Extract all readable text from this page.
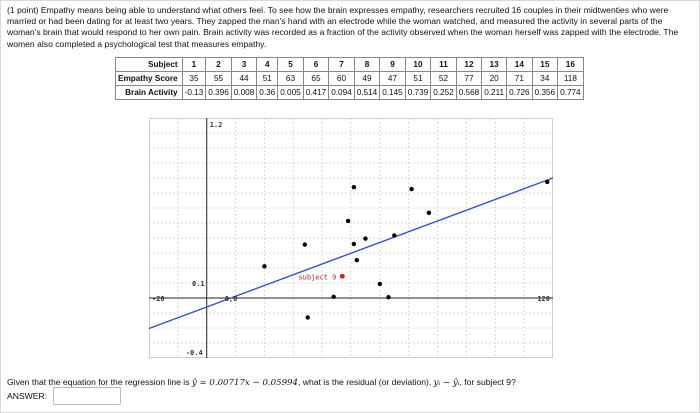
(1 point) Empathy means being able to understand what others feel. To see how the brain expresses empathy, researchers recruited 16 couples in their midtwenties who were married or had been dating for at least two years. They zapped the man's hand with an electrode while the woman watched, and measured the activity in several parts of the woman's brain that would respond to her own pain. Brain activity was recorded as a fraction of the activity observed when the woman herself was zapped with the electrode. The women also completed a psychological test that measures empathy.
Subject	1	2	3	4	5	6	7	8	9	10	11	12	13	14	15	16
Empathy Score	35	55	44	51	63	65	60	49	47	51	52	77	20	71	34	118
Brain Activity	-0.13	0.396	0.008	0.36	0.005	0.417	0.094	0.514	0.145	0.739	0.252	0.568	0.211	0.726	0.356	0.774
subject 9
1.2
0.1
-0.4
-20	120
0,0
Given that the equation for the regression line is ŷ = 0.00717x − 0.05994, what is the residual (or deviation), yᵢ − ŷᵢ, for subject 9?
ANSWER:
